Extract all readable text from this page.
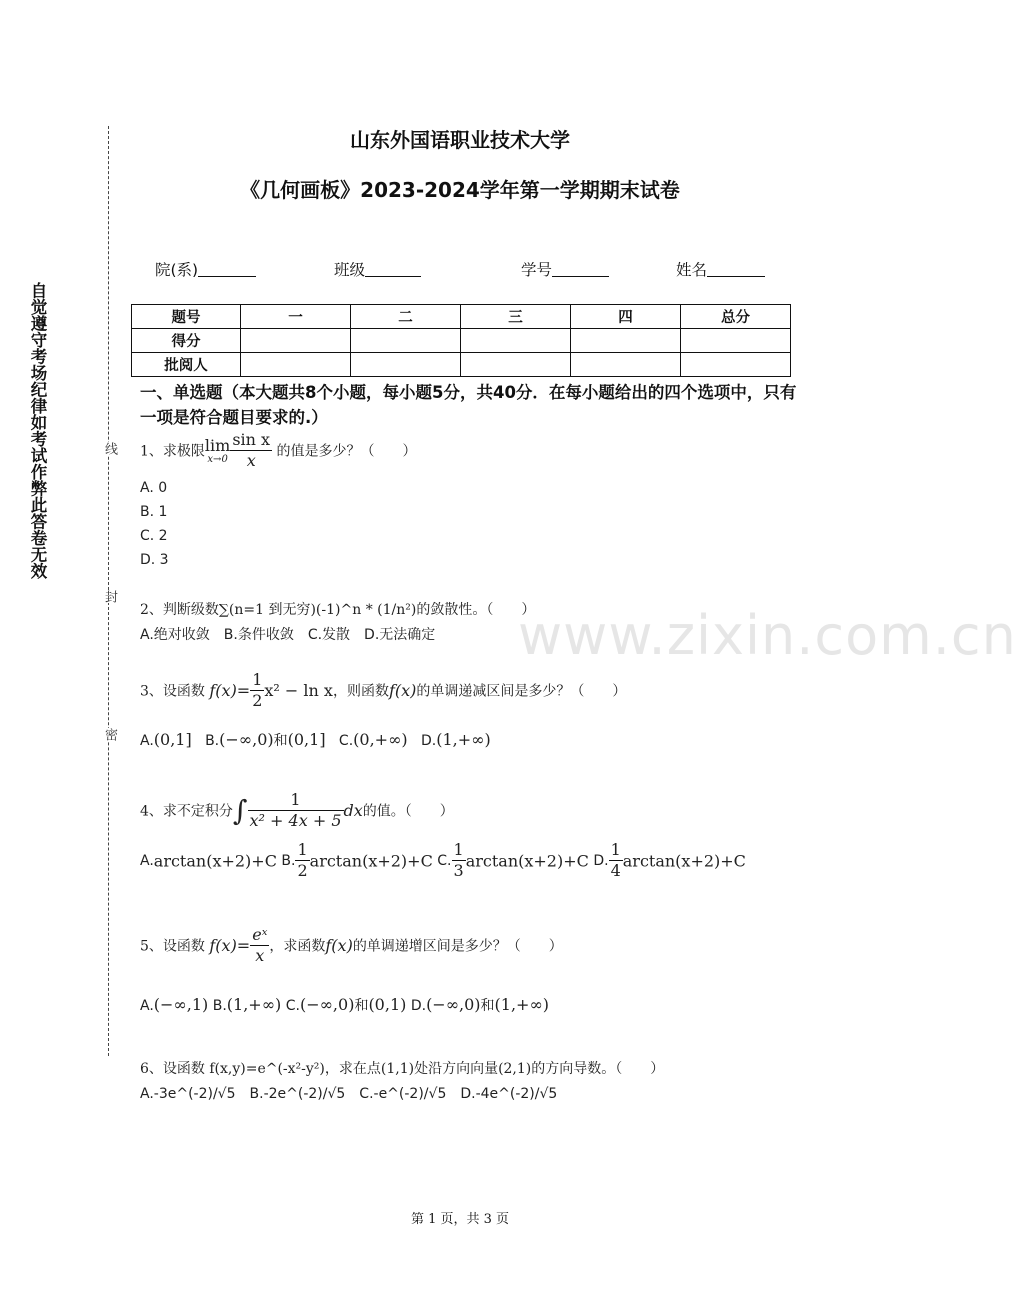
自觉遵守考场纪律如考试作弊此答卷无效	线
封
密
www.zixin.com.cn
山东外国语职业技术大学
《几何画板》2023-2024学年第一学期期末试卷
院(系)	班级	学号	姓名
题号	一	二	三	四	总分
得分					
批阅人					
一、单选题（本大题共8个小题，每小题5分，共40分．在每小题给出的四个选项中，只有一项是符合题目要求的.）
1、求极限 lim
$x\to 0 \frac{\text{sin x}}{x}$ 的值是多少？（　　）
A. 0
B. 1
C. 2
D. 3
2、判断级数∑(n=1 到无穷)(-1)^n * (1/n²)的敛散性。（　　）
A.绝对收敛　B.条件收敛　C.发散　D.无法确定
3、设函数 $f(x)= \frac{1}{2} x^2 - \ln x$，则函数f(x)的单调递减区间是多少？（　　）
A.(0,1] B.(−∞,0)和(0,1] C.(0,+∞) D.(1,+∞)
4、求不定积分∫ $\frac{1}{\text{x² + 4x + 5}}$ dx的值。（　　）
A.arctan(x+2)+C B. $\frac{1}{2} \arctan(x+2)+C$ C. $\frac{1}{3} \arctan(x+2)+C$ D. $\frac{1}{4} \arctan(x+2)+C$
5、设函数 $f(x)= \frac{\text{eˣ}}{x}$ ，求函数f(x)的单调递增区间是多少？（　　）
A.(−∞,1) B.(1,+∞) C.(−∞,0)和(0,1) D.(−∞,0)和(1,+∞)
6、设函数 f(x,y)=e^(-x²-y²)，求在点(1,1)处沿方向向量(2,1)的方向导数。（　　）
A.-3e^(-2)/√5　B.-2e^(-2)/√5　C.-e^(-2)/√5　D.-4e^(-2)/√5
第 1 页，共 3 页
